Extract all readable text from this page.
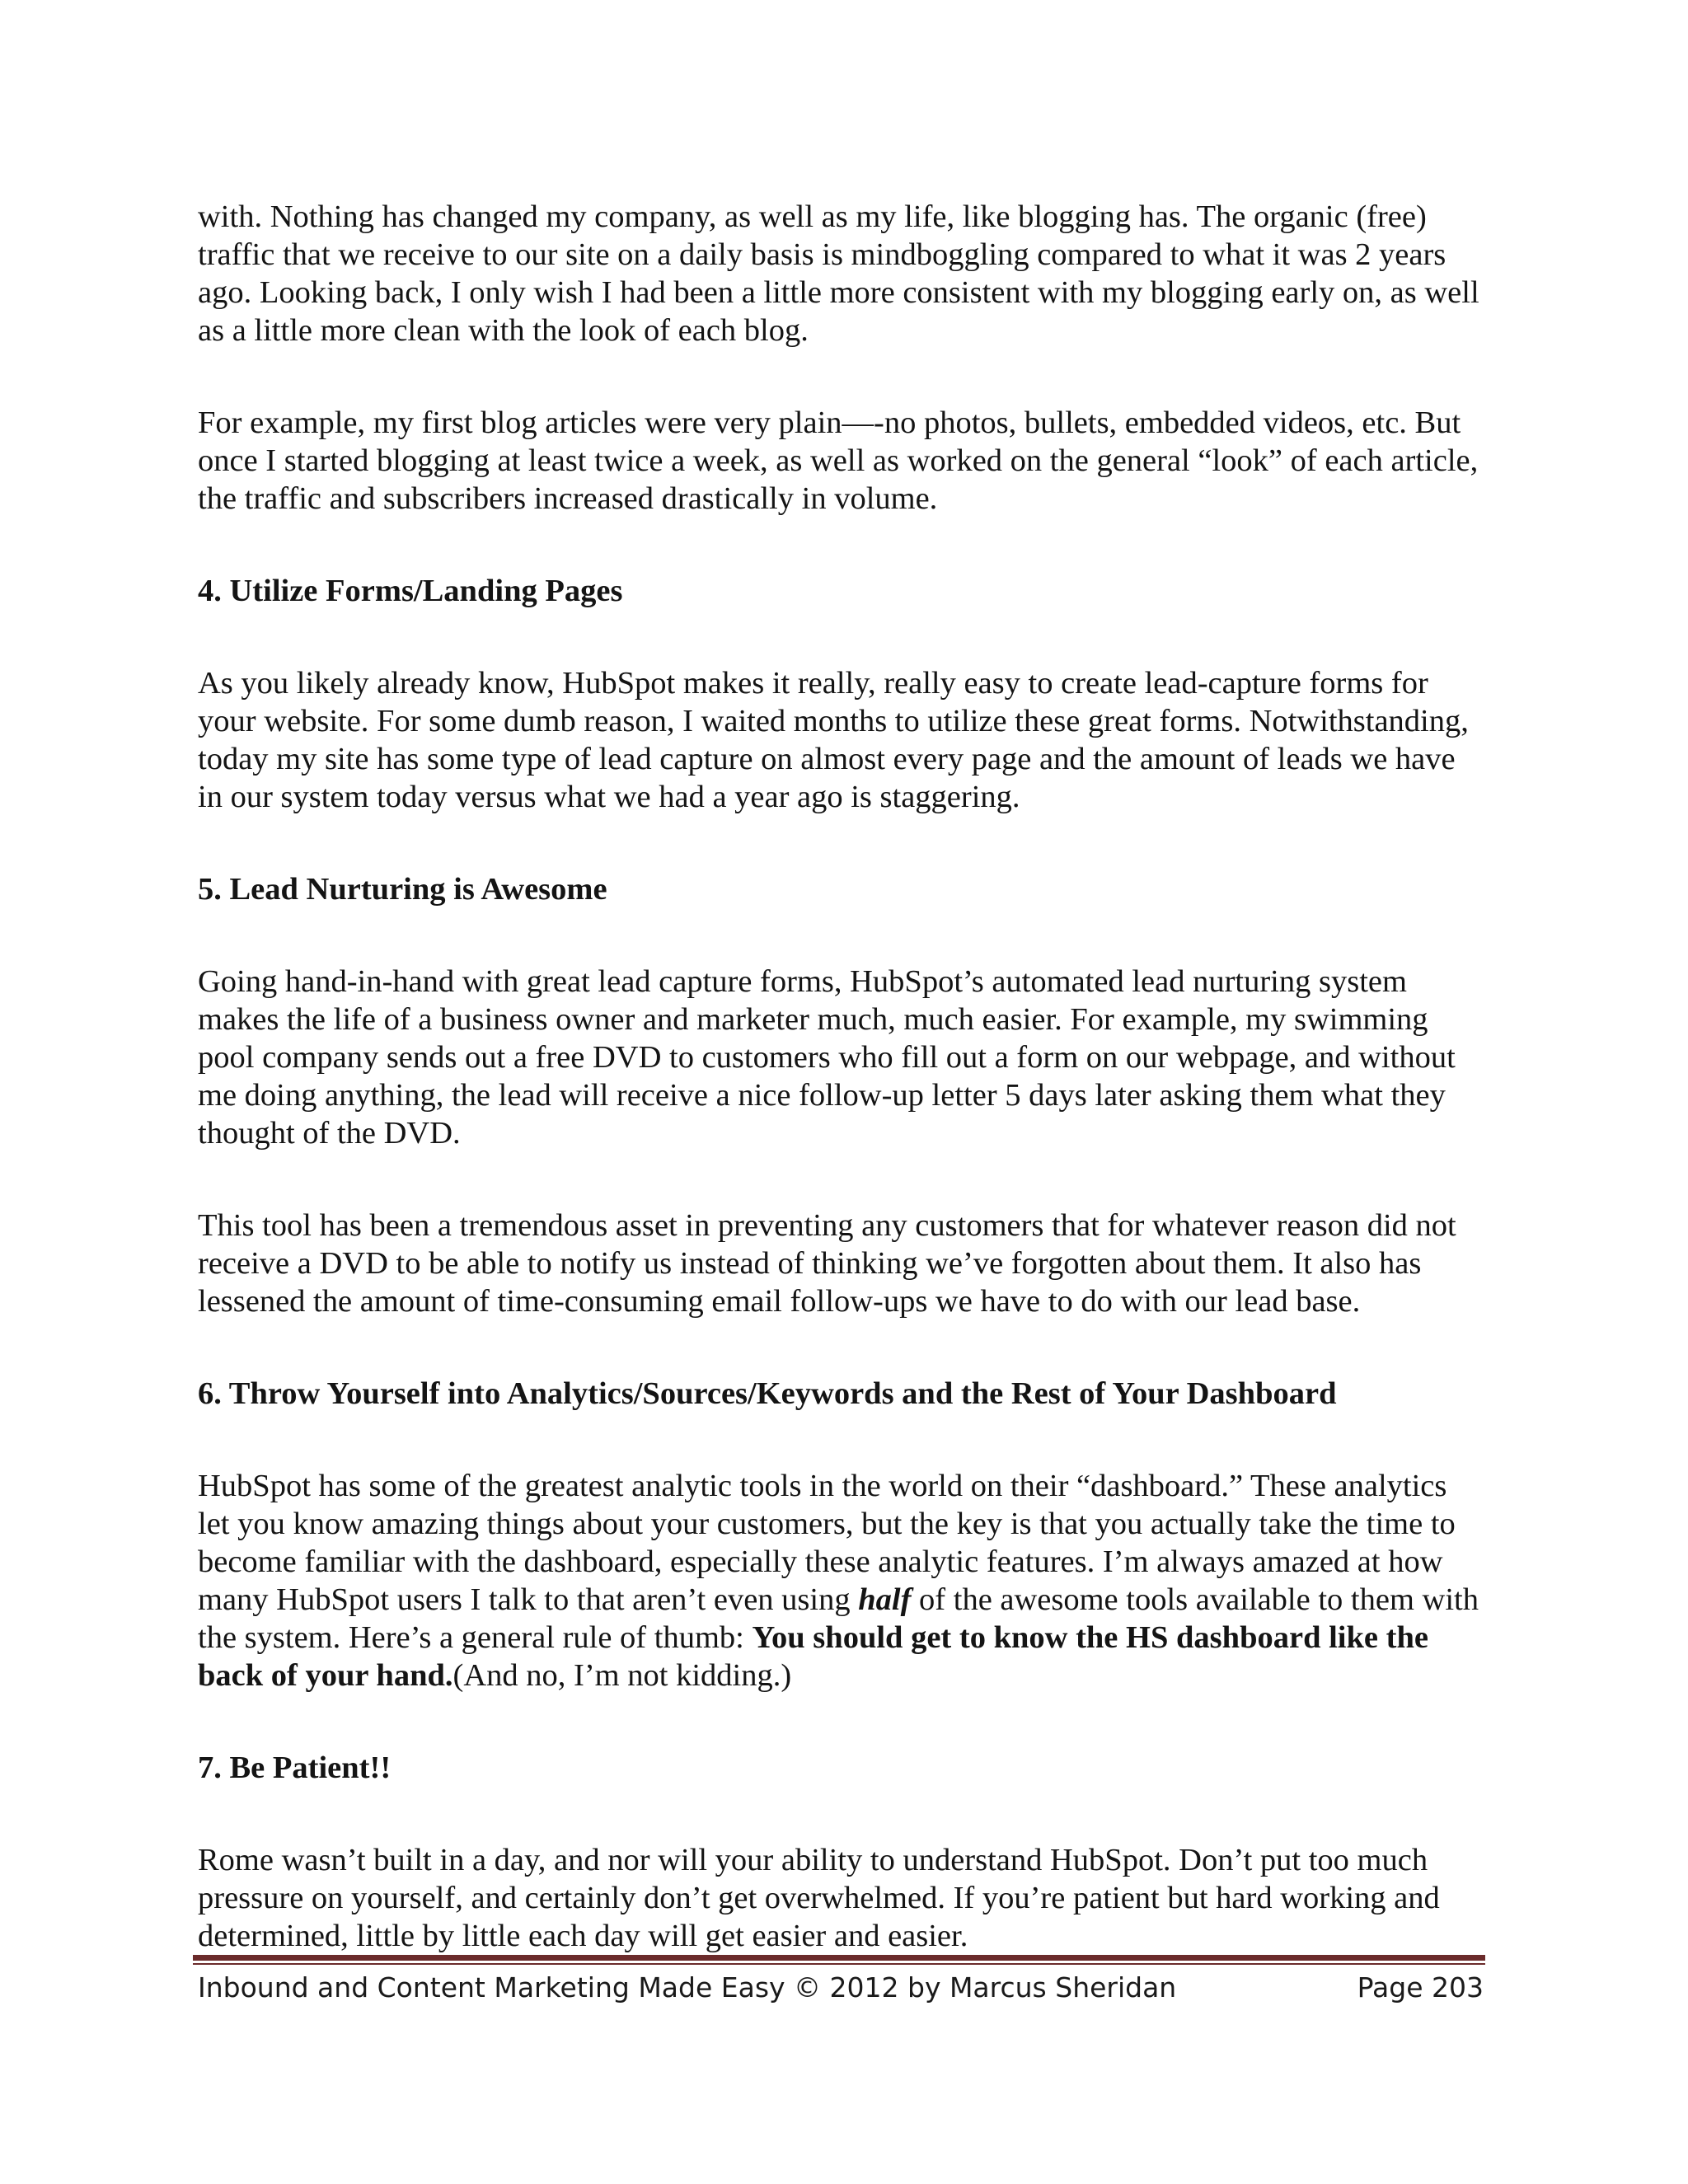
with. Nothing has changed my company, as well as my life, like blogging has. The organic (free) traffic that we receive to our site on a daily basis is mindboggling compared to what it was 2 years ago. Looking back, I only wish I had been a little more consistent with my blogging early on, as well as a little more clean with the look of each blog.

For example, my first blog articles were very plain—-no photos, bullets, embedded videos, etc. But once I started blogging at least twice a week, as well as worked on the general “look” of each article, the traffic and subscribers increased drastically in volume.

4. Utilize Forms/Landing Pages

As you likely already know, HubSpot makes it really, really easy to create lead-capture forms for your website. For some dumb reason, I waited months to utilize these great forms. Notwithstanding, today my site has some type of lead capture on almost every page and the amount of leads we have in our system today versus what we had a year ago is staggering.

5. Lead Nurturing is Awesome

Going hand-in-hand with great lead capture forms, HubSpot’s automated lead nurturing system makes the life of a business owner and marketer much, much easier. For example, my swimming pool company sends out a free DVD to customers who fill out a form on our webpage, and without me doing anything, the lead will receive a nice follow-up letter 5 days later asking them what they thought of the DVD.

This tool has been a tremendous asset in preventing any customers that for whatever reason did not receive a DVD to be able to notify us instead of thinking we’ve forgotten about them. It also has lessened the amount of time-consuming email follow-ups we have to do with our lead base.

6. Throw Yourself into Analytics/Sources/Keywords and the Rest of Your Dashboard

HubSpot has some of the greatest analytic tools in the world on their “dashboard.” These analytics let you know amazing things about your customers, but the key is that you actually take the time to become familiar with the dashboard, especially these analytic features. I’m always amazed at how many HubSpot users I talk to that aren’t even using half of the awesome tools available to them with the system. Here’s a general rule of thumb: You should get to know the HS dashboard like the back of your hand.(And no, I’m not kidding.)

7. Be Patient!!

Rome wasn’t built in a day, and nor will your ability to understand HubSpot. Don’t put too much pressure on yourself, and certainly don’t get overwhelmed. If you’re patient but hard working and determined, little by little each day will get easier and easier.

Inbound and Content Marketing Made Easy © 2012 by Marcus Sheridan	Page 203
